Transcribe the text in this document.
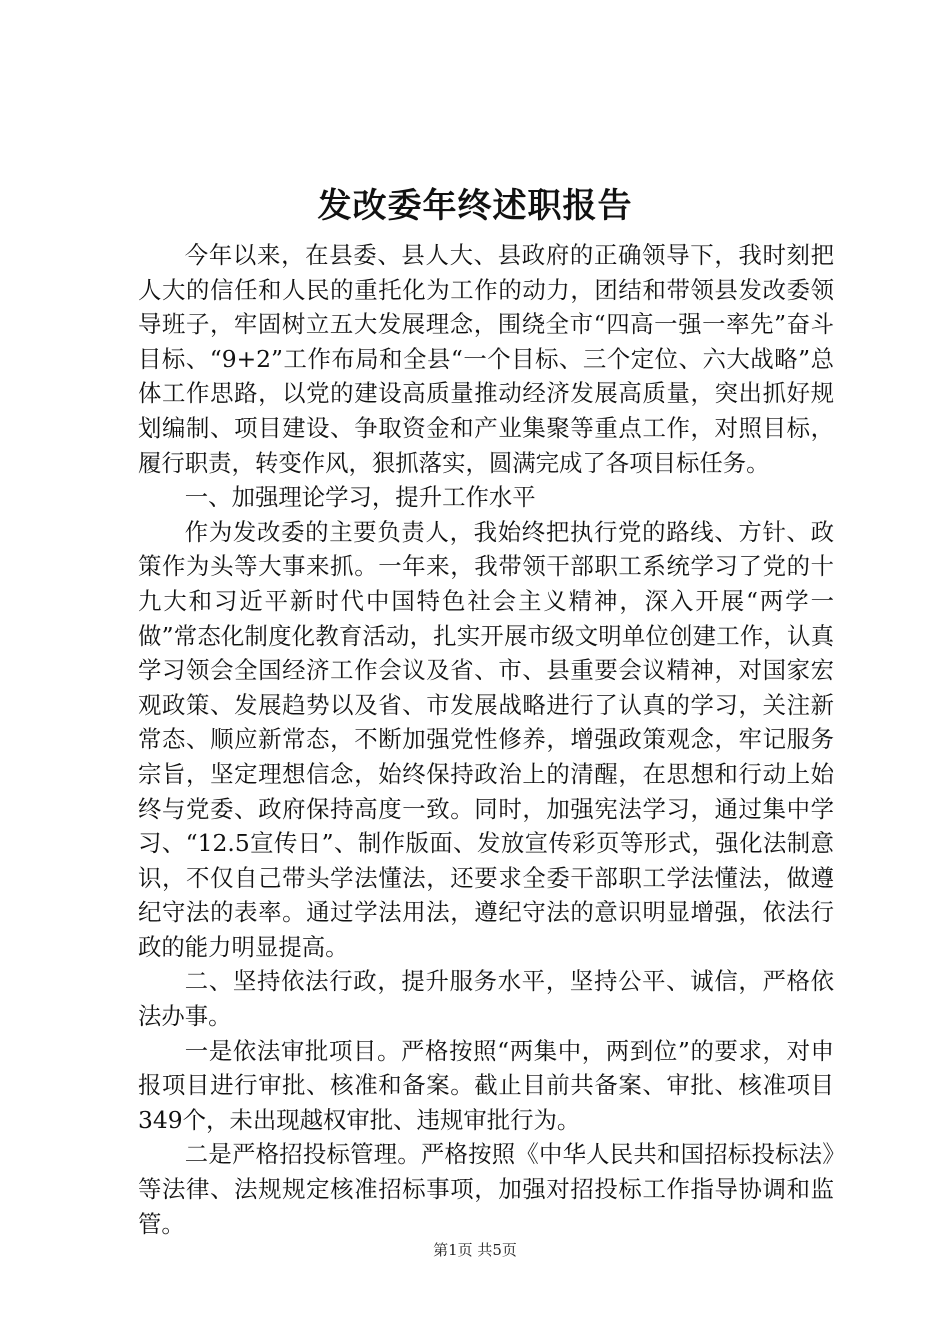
发改委年终述职报告

今年以来，在县委、县人大、县政府的正确领导下，我时刻把人大的信任和人民的重托化为工作的动力，团结和带领县发改委领导班子，牢固树立五大发展理念，围绕全市“四高一强一率先”奋斗目标、“9+2”工作布局和全县“一个目标、三个定位、六大战略”总体工作思路，以党的建设高质量推动经济发展高质量，突出抓好规划编制、项目建设、争取资金和产业集聚等重点工作，对照目标，履行职责，转变作风，狠抓落实，圆满完成了各项目标任务。

一、加强理论学习，提升工作水平

作为发改委的主要负责人，我始终把执行党的路线、方针、政策作为头等大事来抓。一年来，我带领干部职工系统学习了党的十九大和习近平新时代中国特色社会主义精神，深入开展“两学一做”常态化制度化教育活动，扎实开展市级文明单位创建工作，认真学习领会全国经济工作会议及省、市、县重要会议精神，对国家宏观政策、发展趋势以及省、市发展战略进行了认真的学习，关注新常态、顺应新常态，不断加强党性修养，增强政策观念，牢记服务宗旨，坚定理想信念，始终保持政治上的清醒，在思想和行动上始终与党委、政府保持高度一致。同时，加强宪法学习，通过集中学习、“12.5宣传日”、制作版面、发放宣传彩页等形式，强化法制意识，不仅自己带头学法懂法，还要求全委干部职工学法懂法，做遵纪守法的表率。通过学法用法，遵纪守法的意识明显增强，依法行政的能力明显提高。

二、坚持依法行政，提升服务水平，坚持公平、诚信，严格依法办事。

一是依法审批项目。严格按照“两集中，两到位”的要求，对申报项目进行审批、核准和备案。截止目前共备案、审批、核准项目349个，未出现越权审批、违规审批行为。

二是严格招投标管理。严格按照《中华人民共和国招标投标法》等法律、法规规定核准招标事项，加强对招投标工作指导协调和监管。

第1页 共5页
